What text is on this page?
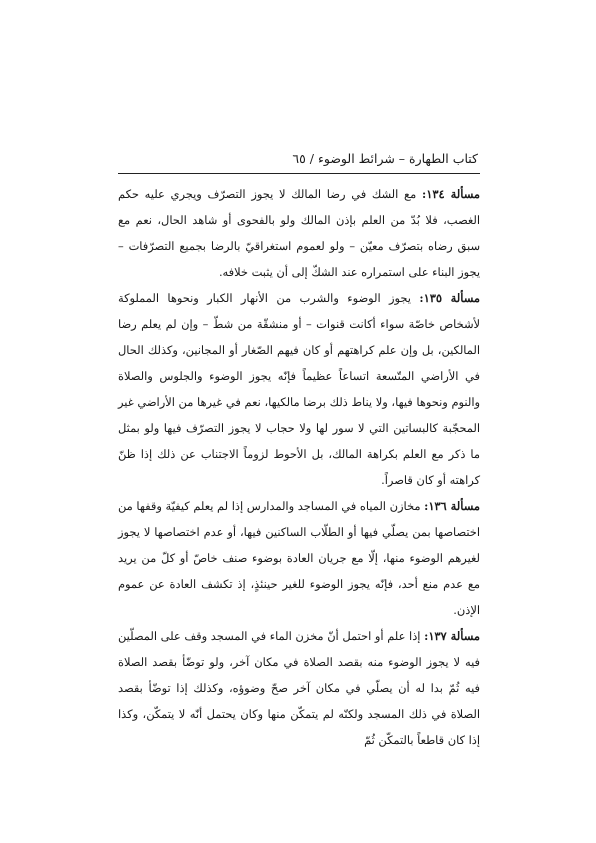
كتاب الطهارة – شرائط الوضوء / ٦٥

مسألة ١٣٤: مع الشك في رضا المالك لا يجوز التصرّف ويجري عليه حكم الغصب، فلا بُدّ من العلم بإذن المالك ولو بالفحوى أو شاهد الحال، نعم مع سبق رضاه بتصرّف معيّن – ولو لعموم استغراقيّ بالرضا بجميع التصرّفات – يجوز البناء على استمراره عند الشكّ إلى أن يثبت خلافه.

مسألة ١٣٥: يجوز الوضوء والشرب من الأنهار الكبار ونحوها المملوكة لأشخاص خاصّة سواء أكانت قنوات – أو منشقّة من شطّ – وإن لم يعلم رضا المالكين، بل وإن علم كراهتهم أو كان فيهم الصّغار أو المجانين، وكذلك الحال في الأراضي المتّسعة اتساعاً عظيماً فإنّه يجوز الوضوء والجلوس والصلاة والنوم ونحوها فيها، ولا يناط ذلك برضا مالكيها، نعم في غيرها من الأراضي غير المحجّبة كالبساتين التي لا سور لها ولا حجاب لا يجوز التصرّف فيها ولو بمثل ما ذكر مع العلم بكراهة المالك، بل الأحوط لزوماً الاجتناب عن ذلك إذا ظنّ كراهته أو كان قاصراً.

مسألة ١٣٦: مخازن المياه في المساجد والمدارس إذا لم يعلم كيفيّة وقفها من اختصاصها بمن يصلّي فيها أو الطلّاب الساكنين فيها، أو عدم اختصاصها لا يجوز لغيرهم الوضوء منها، إلّا مع جريان العادة بوضوء صنف خاصّ أو كلّ من يريد مع عدم منع أحد، فإنّه يجوز الوضوء للغير حينئذٍ، إذ تكشف العادة عن عموم الإذن.

مسألة ١٣٧: إذا علم أو احتمل أنّ مخزن الماء في المسجد وقف على المصلّين فيه لا يجوز الوضوء منه بقصد الصلاة في مكان آخر، ولو توضّأ بقصد الصلاة فيه ثُمّ بدا له أن يصلّي في مكان آخر صحّ وضوؤه، وكذلك إذا توضّأ بقصد الصلاة في ذلك المسجد ولكنّه لم يتمكّن منها وكان يحتمل أنّه لا يتمكّن، وكذا إذا كان قاطعاً بالتمكّن ثُمّ
